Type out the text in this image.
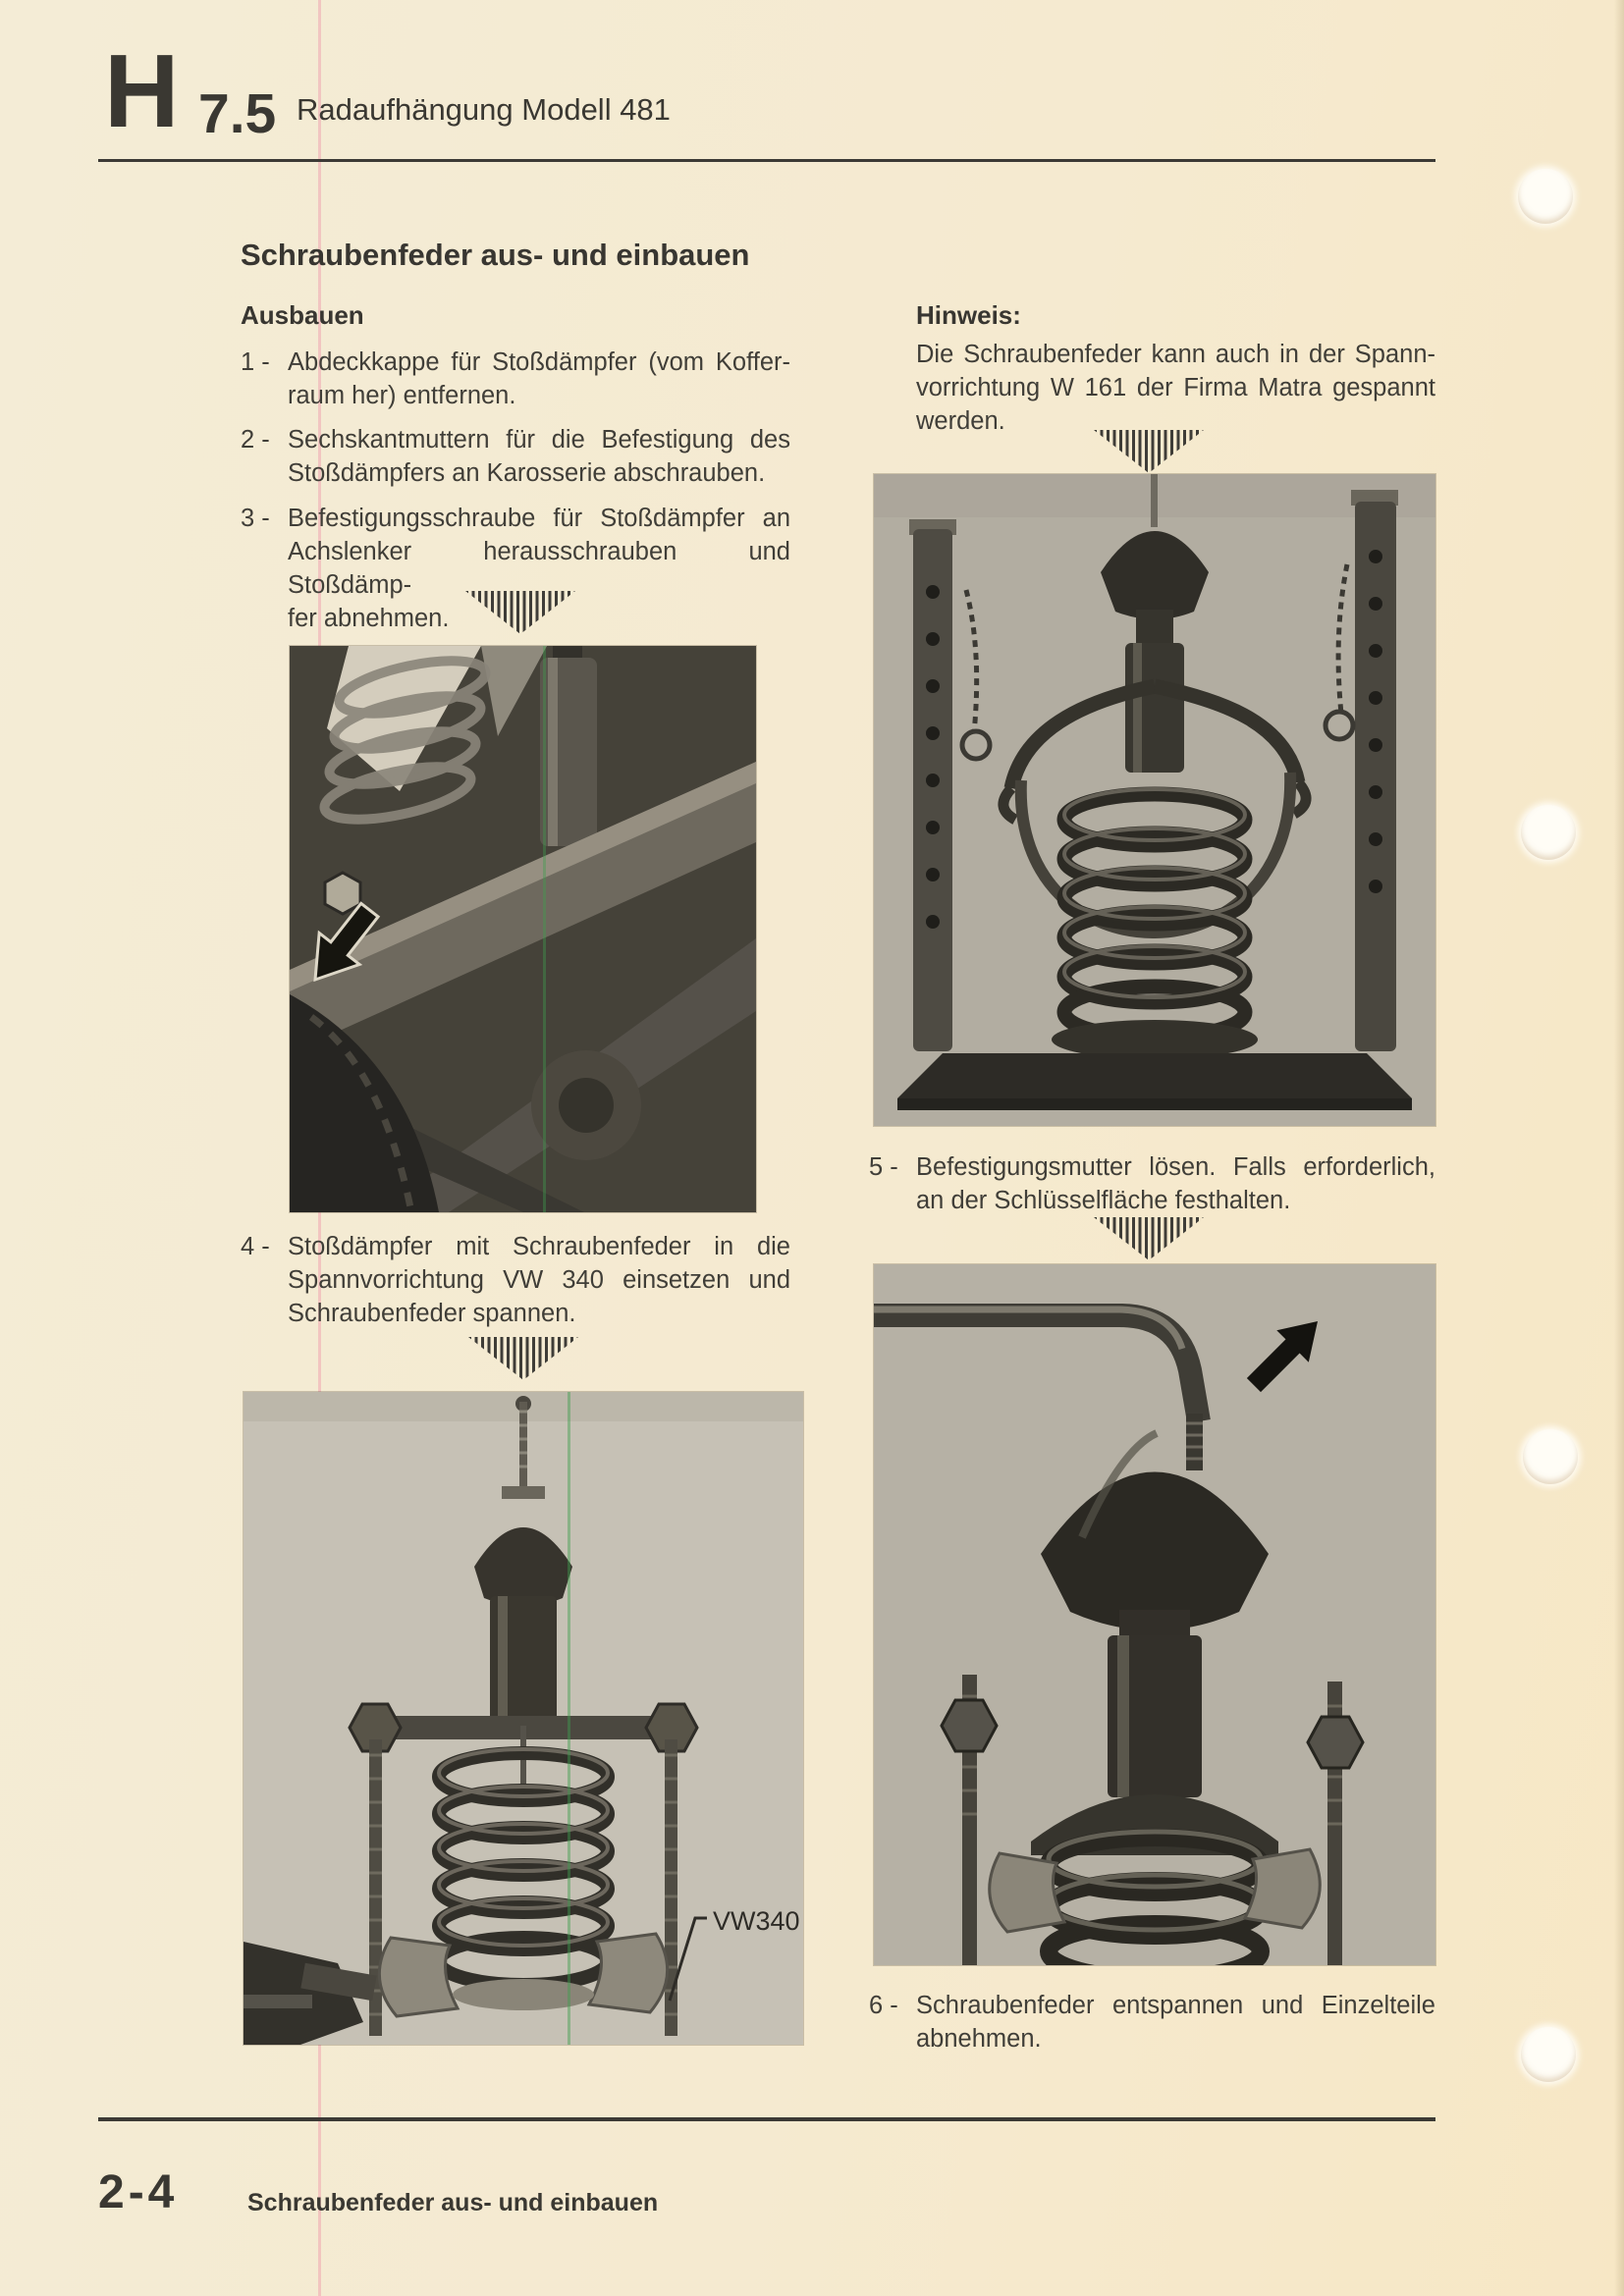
H 7.5 Radaufhängung Modell 481
Schraubenfeder aus- und einbauen
Ausbauen
1 - Abdeckkappe für Stoßdämpfer (vom Koffer-
raum her) entfernen.
2 - Sechskantmuttern für die Befestigung des
Stoßdämpfers an Karosserie abschrauben.
3 - Befestigungsschraube für Stoßdämpfer an
Achslenker herausschrauben und Stoßdämp-
fer abnehmen.
4 - Stoßdämpfer mit Schraubenfeder in die
Spannvorrichtung VW 340 einsetzen und
Schraubenfeder spannen.
VW340
Hinweis:
Die Schraubenfeder kann auch in der Spann-
vorrichtung W 161 der Firma Matra gespannt
werden.
5 - Befestigungsmutter lösen. Falls erforderlich,
an der Schlüsselfläche festhalten.
6 - Schraubenfeder entspannen und Einzelteile
abnehmen.
2-4	Schraubenfeder aus- und einbauen
